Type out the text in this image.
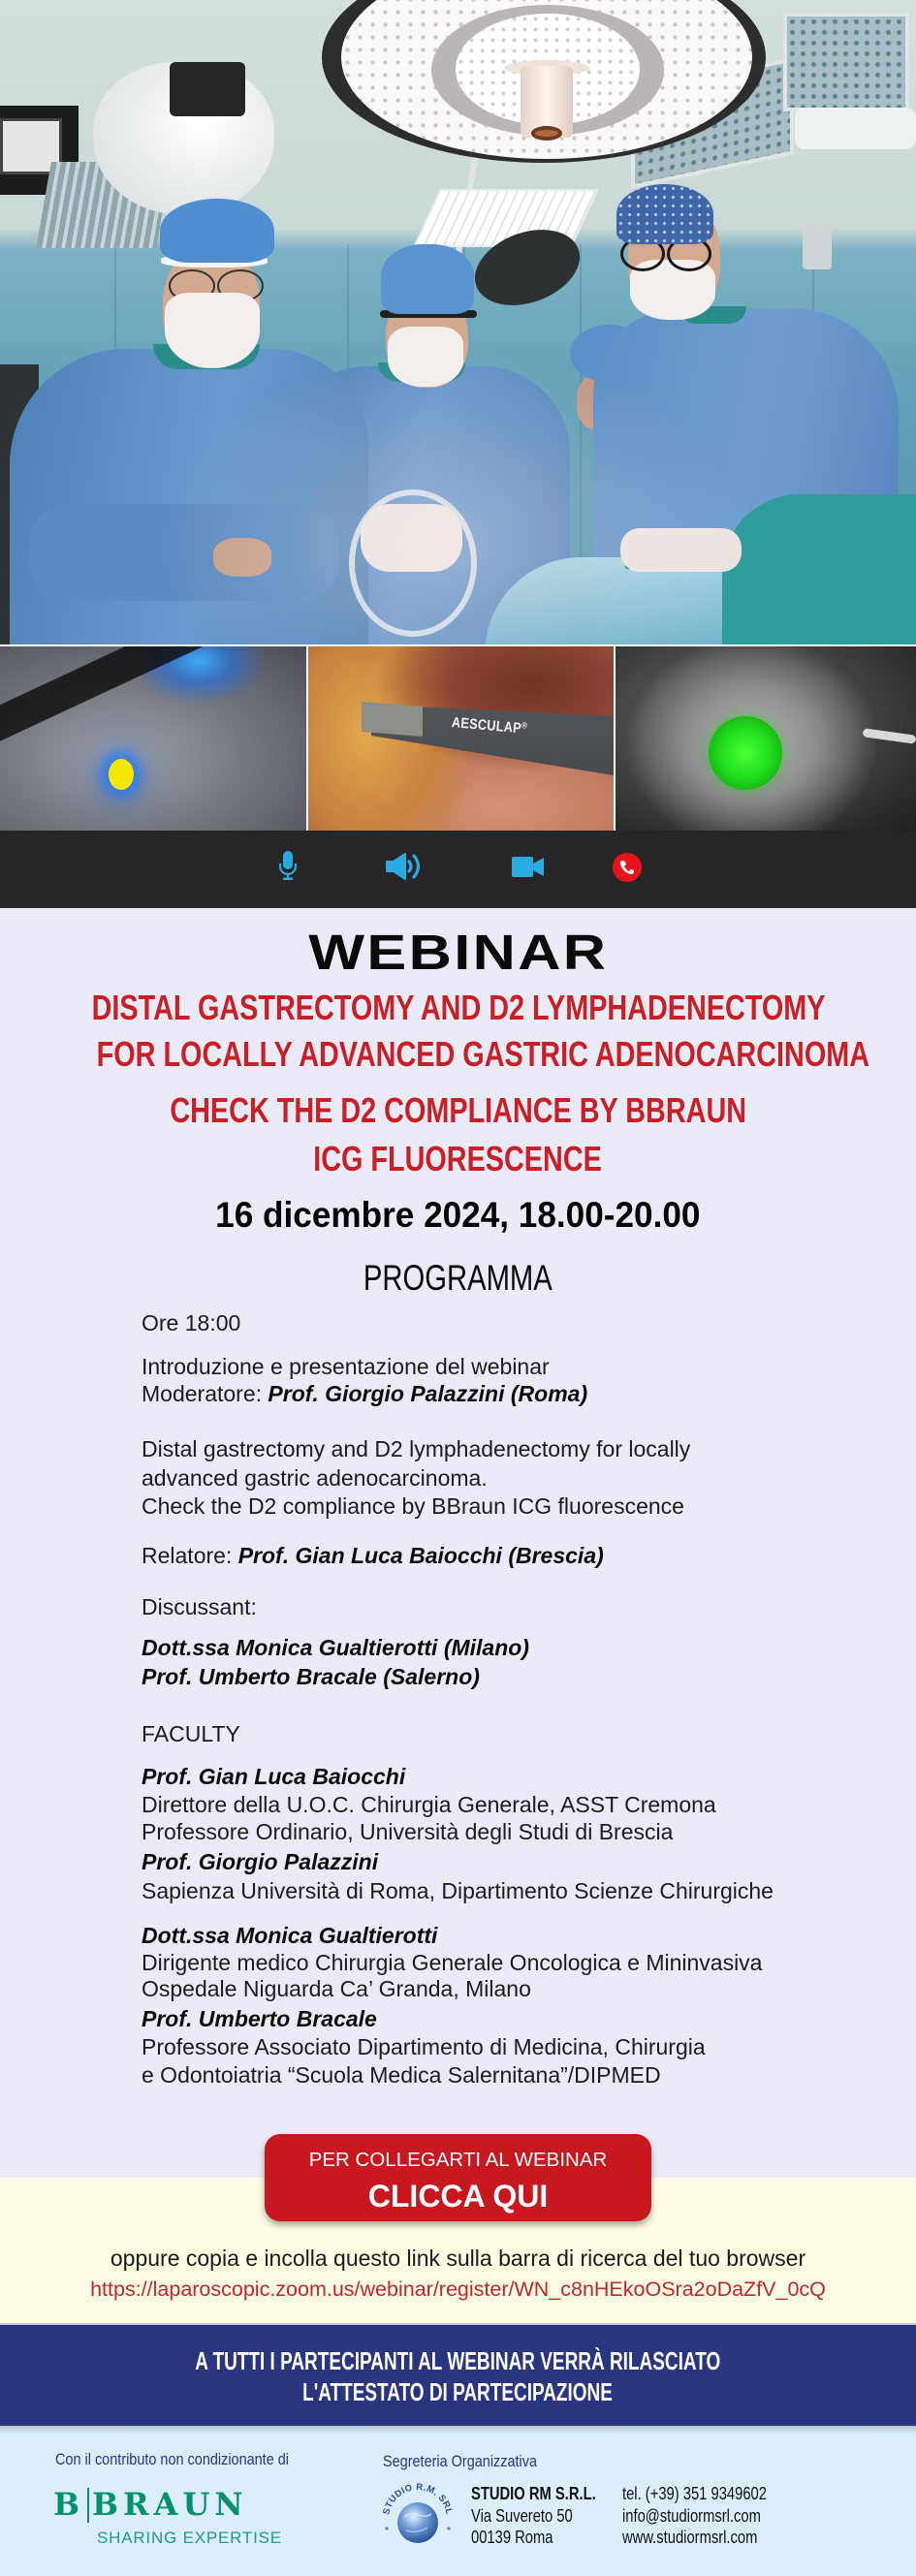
AESCULAP®
WEBINAR
DISTAL GASTRECTOMY AND D2 LYMPHADENECTOMY
FOR LOCALLY ADVANCED GASTRIC ADENOCARCINOMA
CHECK THE D2 COMPLIANCE BY BBRAUN
ICG FLUORESCENCE
16 dicembre 2024, 18.00-20.00
PROGRAMMA
Ore 18:00
Introduzione e presentazione del webinar
Moderatore: Prof. Giorgio Palazzini (Roma)
Distal gastrectomy and D2 lymphadenectomy for locally
advanced gastric adenocarcinoma.
Check the D2 compliance by BBraun ICG fluorescence
Relatore: Prof. Gian Luca Baiocchi (Brescia)
Discussant:
Dott.ssa Monica Gualtierotti (Milano)
Prof. Umberto Bracale (Salerno)
FACULTY
Prof. Gian Luca Baiocchi
Direttore della U.O.C. Chirurgia Generale, ASST Cremona
Professore Ordinario, Università degli Studi di Brescia
Prof. Giorgio Palazzini
Sapienza Università di Roma, Dipartimento Scienze Chirurgiche
Dott.ssa Monica Gualtierotti
Dirigente medico Chirurgia Generale Oncologica e Mininvasiva
Ospedale Niguarda Ca’ Granda, Milano
Prof. Umberto Bracale
Professore Associato Dipartimento di Medicina, Chirurgia
e Odontoiatria “Scuola Medica Salernitana”/DIPMED
PER COLLEGARTI AL WEBINAR
CLICCA QUI
oppure copia e incolla questo link sulla barra di ricerca del tuo browser
https://laparoscopic.zoom.us/webinar/register/WN_c8nHEkoOSra2oDaZfV_0cQ
A TUTTI I PARTECIPANTI AL WEBINAR VERRÀ RILASCIATO
L'ATTESTATO DI PARTECIPAZIONE
Con il contributo non condizionante di
B BRAUN
SHARING EXPERTISE
Segreteria Organizzativa
STUDIO R.M. SRL
STUDIO RM S.R.L.
Via Suvereto 50
00139 Roma
tel. (+39) 351 9349602
info@studiormsrl.com
www.studiormsrl.com
